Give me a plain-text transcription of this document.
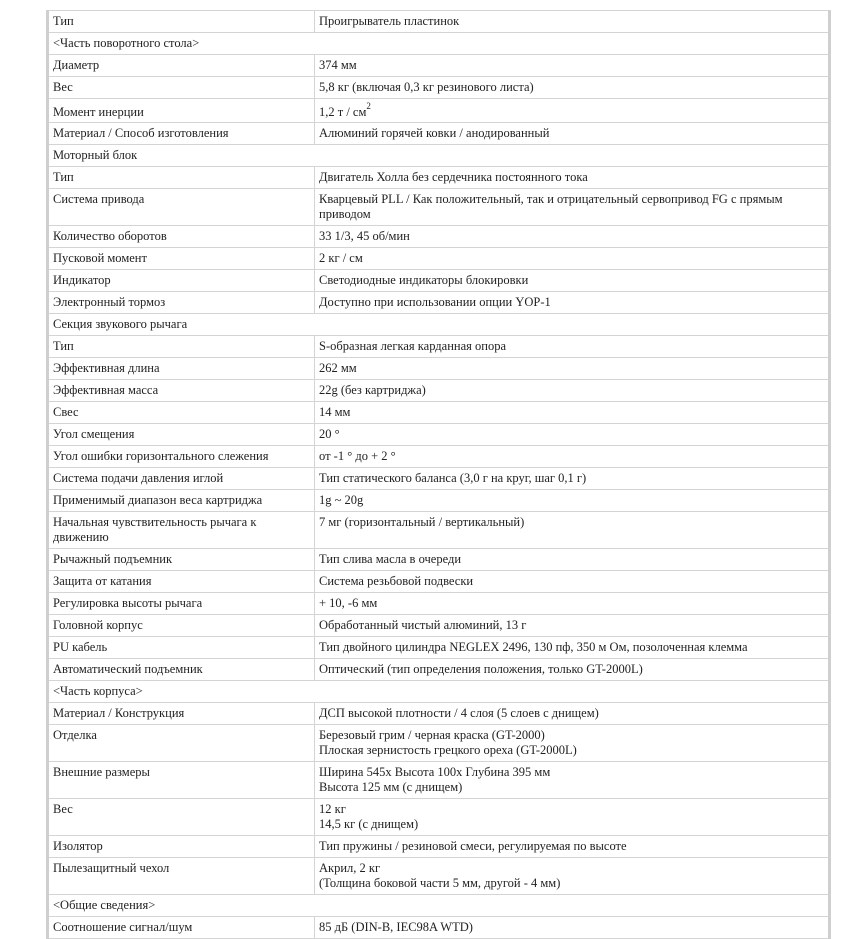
Тип	Проигрыватель пластинок

<Часть поворотного стола>	
Диаметр	374 мм

Вес	5,8 кг (включая 0,3 кг резинового листа)

Момент инерции	1,2 т / $см^2$
Материал / Способ изготовления	Алюминий горячей ковки / анодированный

Моторный блок	
Тип	Двигатель Холла без сердечника постоянного тока

Система привода	Кварцевый PLL / Как положительный, так и отрицательный сервопривод FG с прямым приводом

Количество оборотов	33 1/3, 45 об/мин

Пусковой момент	2 кг / см

Индикатор	Светодиодные индикаторы блокировки

Электронный тормоз	Доступно при использовании опции YOP-1

Секция звукового рычага	
Тип	S-образная легкая карданная опора

Эффективная длина	262 мм

Эффективная масса	22g (без картриджа)

Свес	14 мм

Угол смещения	20 °

Угол ошибки горизонтального слежения	от -1 ° до + 2 °

Система подачи давления иглой	Тип статического баланса (3,0 г на круг, шаг 0,1 г)

Применимый диапазон веса картриджа	1g ~ 20g

Начальная чувствительность рычага к движению	7 мг (горизонтальный / вертикальный)

Рычажный подъемник	Тип слива масла в очереди

Защита от катания	Система резьбовой подвески

Регулировка высоты рычага	+ 10, -6 мм

Головной корпус	Обработанный чистый алюминий, 13 г

PU кабель	Тип двойного цилиндра NEGLEX 2496, 130 пф, 350 м Ом, позолоченная клемма

Автоматический подъемник	Оптический (тип определения положения, только GT-2000L)

<Часть корпуса>	
Материал / Конструкция	ДСП высокой плотности / 4 слоя (5 слоев с днищем)

Отделка	Березовый грим / черная краска (GT-2000)
Плоская зернистость грецкого ореха (GT-2000L)

Внешние размеры	Ширина 545x Высота 100x Глубина 395 мм
Высота 125 мм (с днищем)

Вес	12 кг
14,5 кг (с днищем)

Изолятор	Тип пружины / резиновой смеси, регулируемая по высоте

Пылезащитный чехол	Акрил, 2 кг
(Толщина боковой части 5 мм, другой - 4 мм)

<Общие сведения>	
Соотношение сигнал/шум	85 дБ (DIN-B, IEC98A WTD)
